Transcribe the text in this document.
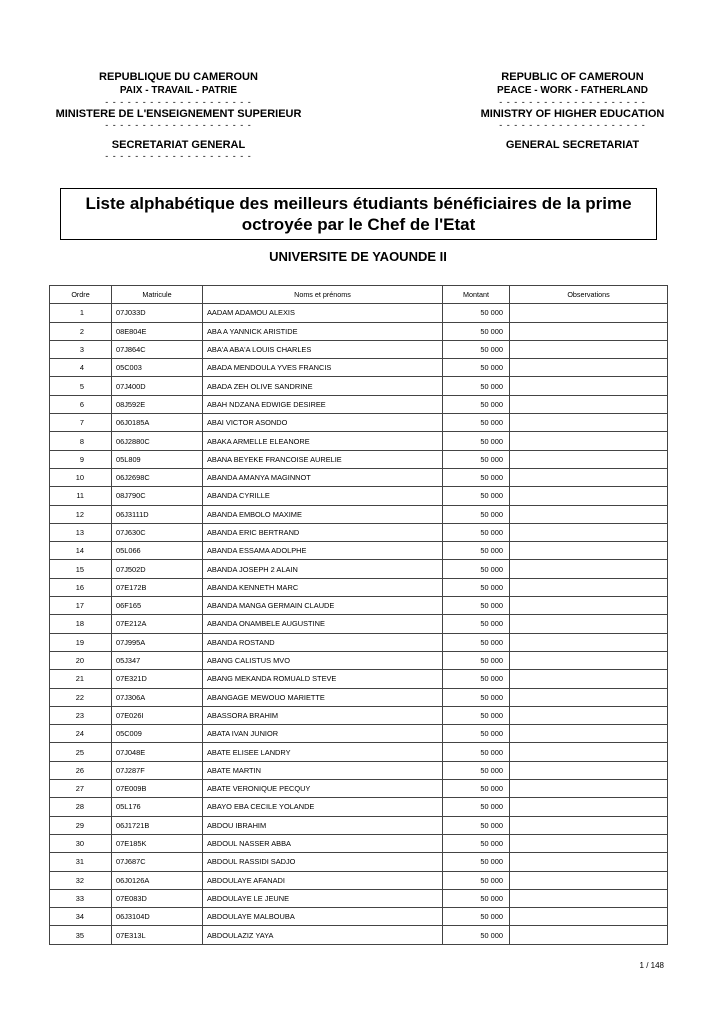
REPUBLIQUE DU CAMEROUN
PAIX - TRAVAIL - PATRIE
- - - - - - - - - - - - - - - - - - - -
MINISTERE DE L'ENSEIGNEMENT SUPERIEUR
- - - - - - - - - - - - - - - - - - - -
SECRETARIAT GENERAL
- - - - - - - - - - - - - - - - - - - -
REPUBLIC OF CAMEROUN
PEACE - WORK - FATHERLAND
- - - - - - - - - - - - - - - - - - - -
MINISTRY OF HIGHER EDUCATION
- - - - - - - - - - - - - - - - - - - -
GENERAL SECRETARIAT
Liste alphabétique des meilleurs étudiants bénéficiaires de la prime
octroyée par le Chef de l'Etat
UNIVERSITE DE YAOUNDE II
Ordre	Matricule	Noms et prénoms	Montant	Observations
1	07J033D	AADAM ADAMOU ALEXIS	50 000	
2	08E804E	ABA A YANNICK ARISTIDE	50 000	
3	07J864C	ABA'A ABA'A LOUIS CHARLES	50 000	
4	05C003	ABADA MENDOULA YVES FRANCIS	50 000	
5	07J400D	ABADA ZEH OLIVE SANDRINE	50 000	
6	08J592E	ABAH NDZANA EDWIGE DESIREE	50 000	
7	06J0185A	ABAI VICTOR ASONDO	50 000	
8	06J2880C	ABAKA ARMELLE ELEANORE	50 000	
9	05L809	ABANA BEYEKE FRANCOISE AURELIE	50 000	
10	06J2698C	ABANDA AMANYA MAGINNOT	50 000	
11	08J790C	ABANDA CYRILLE	50 000	
12	06J3111D	ABANDA EMBOLO MAXIME	50 000	
13	07J630C	ABANDA ERIC BERTRAND	50 000	
14	05L066	ABANDA ESSAMA ADOLPHE	50 000	
15	07J502D	ABANDA JOSEPH 2 ALAIN	50 000	
16	07E172B	ABANDA KENNETH MARC	50 000	
17	06F165	ABANDA MANGA GERMAIN CLAUDE	50 000	
18	07E212A	ABANDA ONAMBELE AUGUSTINE	50 000	
19	07J995A	ABANDA ROSTAND	50 000	
20	05J347	ABANG CALISTUS MVO	50 000	
21	07E321D	ABANG MEKANDA ROMUALD STEVE	50 000	
22	07J306A	ABANGAGE MEWOUO MARIETTE	50 000	
23	07E026I	ABASSORA BRAHIM	50 000	
24	05C009	ABATA IVAN JUNIOR	50 000	
25	07J048E	ABATE ELISEE LANDRY	50 000	
26	07J287F	ABATE MARTIN	50 000	
27	07E009B	ABATE VERONIQUE PECQUY	50 000	
28	05L176	ABAYO EBA CECILE YOLANDE	50 000	
29	06J1721B	ABDOU IBRAHIM	50 000	
30	07E185K	ABDOUL NASSER ABBA	50 000	
31	07J687C	ABDOUL RASSIDI SADJO	50 000	
32	06J0126A	ABDOULAYE AFANADI	50 000	
33	07E083D	ABDOULAYE LE JEUNE	50 000	
34	06J3104D	ABDOULAYE MALBOUBA	50 000	
35	07E313L	ABDOULAZIZ YAYA	50 000	
1 / 148
